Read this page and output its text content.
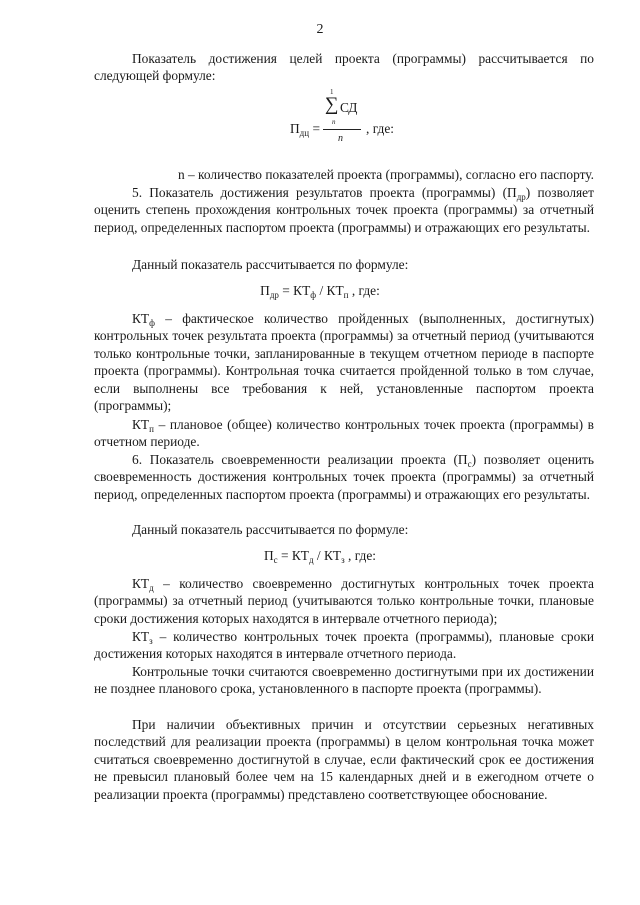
2

Показатель достижения целей проекта (программы) рассчитывается по следующей формуле:

1
∑ СД
n
$П_{дц}$ =	, где:
n

n – количество показателей проекта (программы), согласно его паспорту.

5. Показатель достижения результатов проекта (программы) $(П_{др})$ позволяет оценить степень прохождения контрольных точек проекта (программы) за отчетный период, определенных паспортом проекта (программы) и отражающих его результаты.

Данный показатель рассчитывается по формуле:

$П_{др} = КТ_ф / КТ_п$ , где:

$КТ_ф$ – фактическое количество пройденных (выполненных, достигнутых) контрольных точек результата проекта (программы) за отчетный период (учитываются только контрольные точки, запланированные в текущем отчетном периоде в паспорте проекта (программы). Контрольная точка считается пройденной только в том случае, если выполнены все требования к ней, установленные паспортом проекта (программы);

$КТ_п$ – плановое (общее) количество контрольных точек проекта (программы) в отчетном периоде.

6. Показатель своевременности реализации проекта $(П_с)$ позволяет оценить своевременность достижения контрольных точек проекта (программы) за отчетный период, определенных паспортом проекта (программы) и отражающих его результаты.

Данный показатель рассчитывается по формуле:

$П_с = КТ_д / КТ_з$ , где:

$КТ_д$ – количество своевременно достигнутых контрольных точек проекта (программы) за отчетный период (учитываются только контрольные точки, плановые сроки достижения которых находятся в интервале отчетного периода);

$КТ_з$ – количество контрольных точек проекта (программы), плановые сроки достижения которых находятся в интервале отчетного периода.

Контрольные точки считаются своевременно достигнутыми при их достижении не позднее планового срока, установленного в паспорте проекта (программы).

При наличии объективных причин и отсутствии серьезных негативных последствий для реализации проекта (программы) в целом контрольная точка может считаться своевременно достигнутой в случае, если фактический срок ее достижения не превысил плановый более чем на 15 календарных дней и в ежегодном отчете о реализации проекта (программы) представлено соответствующее обоснование.
